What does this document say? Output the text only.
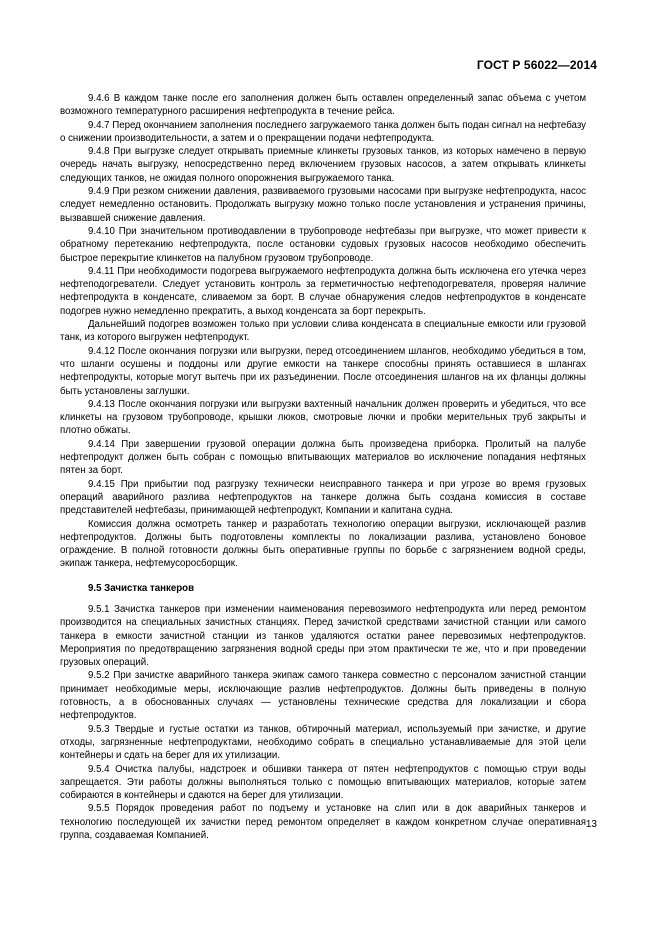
ГОСТ Р 56022—2014

9.4.6 В каждом танке после его заполнения должен быть оставлен определенный запас объема с учетом возможного температурного расширения нефтепродукта в течение рейса.

9.4.7 Перед окончанием заполнения последнего загружаемого танка должен быть подан сигнал на нефтебазу о снижении производительности, а затем и о прекращении подачи нефтепродукта.

9.4.8 При выгрузке следует открывать приемные клинкеты грузовых танков, из которых намечено в первую очередь начать выгрузку, непосредственно перед включением грузовых насосов, а затем открывать клинкеты следующих танков, не ожидая полного опорожнения выгружаемого танка.

9.4.9 При резком снижении давления, развиваемого грузовыми насосами при выгрузке нефтепродукта, насос следует немедленно остановить. Продолжать выгрузку можно только после установления и устранения причины, вызвавшей снижение давления.

9.4.10 При значительном противодавлении в трубопроводе нефтебазы при выгрузке, что может привести к обратному перетеканию нефтепродукта, после остановки судовых грузовых насосов необходимо обеспечить быстрое перекрытие клинкетов на палубном грузовом трубопроводе.

9.4.11 При необходимости подогрева выгружаемого нефтепродукта должна быть исключена его утечка через нефтеподогреватели. Следует установить контроль за герметичностью нефтеподогревателя, проверяя наличие нефтепродукта в конденсате, сливаемом за борт. В случае обнаружения следов нефтепродуктов в конденсате подогрев нужно немедленно прекратить, а выход конденсата за борт перекрыть.

Дальнейший подогрев возможен только при условии слива конденсата в специальные емкости или грузовой танк, из которого выгружен нефтепродукт.

9.4.12 После окончания погрузки или выгрузки, перед отсоединением шлангов, необходимо убедиться в том, что шланги осушены и поддоны или другие емкости на танкере способны принять оставшиеся в шлангах нефтепродукты, которые могут вытечь при их разъединении. После отсоединения шлангов на их фланцы должны быть установлены заглушки.

9.4.13 После окончания погрузки или выгрузки вахтенный начальник должен проверить и убедиться, что все клинкеты на грузовом трубопроводе, крышки люков, смотровые лючки и пробки мерительных труб закрыты и плотно обжаты.

9.4.14 При завершении грузовой операции должна быть произведена приборка. Пролитый на палубе нефтепродукт должен быть собран с помощью впитывающих материалов во исключение попадания нефтяных пятен за борт.

9.4.15 При прибытии под разгрузку технически неисправного танкера и при угрозе во время грузовых операций аварийного разлива нефтепродуктов на танкере должна быть создана комиссия в составе представителей нефтебазы, принимающей нефтепродукт, Компании и капитана судна.

Комиссия должна осмотреть танкер и разработать технологию операции выгрузки, исключающей разлив нефтепродуктов. Должны быть подготовлены комплекты по локализации разлива, установлено боновое ограждение. В полной готовности должны быть оперативные группы по борьбе с загрязнением водной среды, экипаж танкера, нефтемусоросборщик.

9.5 Зачистка танкеров

9.5.1 Зачистка танкеров при изменении наименования перевозимого нефтепродукта или перед ремонтом производится на специальных зачистных станциях. Перед зачисткой средствами зачистной станции или самого танкера в емкости зачистной станции из танков удаляются остатки ранее перевозимых нефтепродуктов. Мероприятия по предотвращению загрязнения водной среды при этом практически те же, что и при проведении грузовых операций.

9.5.2 При зачистке аварийного танкера экипаж самого танкера совместно с персоналом зачистной станции принимает необходимые меры, исключающие разлив нефтепродуктов. Должны быть приведены в полную готовность, а в обоснованных случаях — установлены технические средства для локализации и сбора нефтепродуктов.

9.5.3 Твердые и густые остатки из танков, обтирочный материал, используемый при зачистке, и другие отходы, загрязненные нефтепродуктами, необходимо собрать в специально устанавливаемые для этой цели контейнеры и сдать на берег для их утилизации.

9.5.4 Очистка палубы, надстроек и обшивки танкера от пятен нефтепродуктов с помощью струи воды запрещается. Эти работы должны выполняться только с помощью впитывающих материалов, которые затем собираются в контейнеры и сдаются на берег для утилизации.

9.5.5 Порядок проведения работ по подъему и установке на слип или в док аварийных танкеров и технологию последующей их зачистки перед ремонтом определяет в каждом конкретном случае оперативная группа, создаваемая Компанией.

13
